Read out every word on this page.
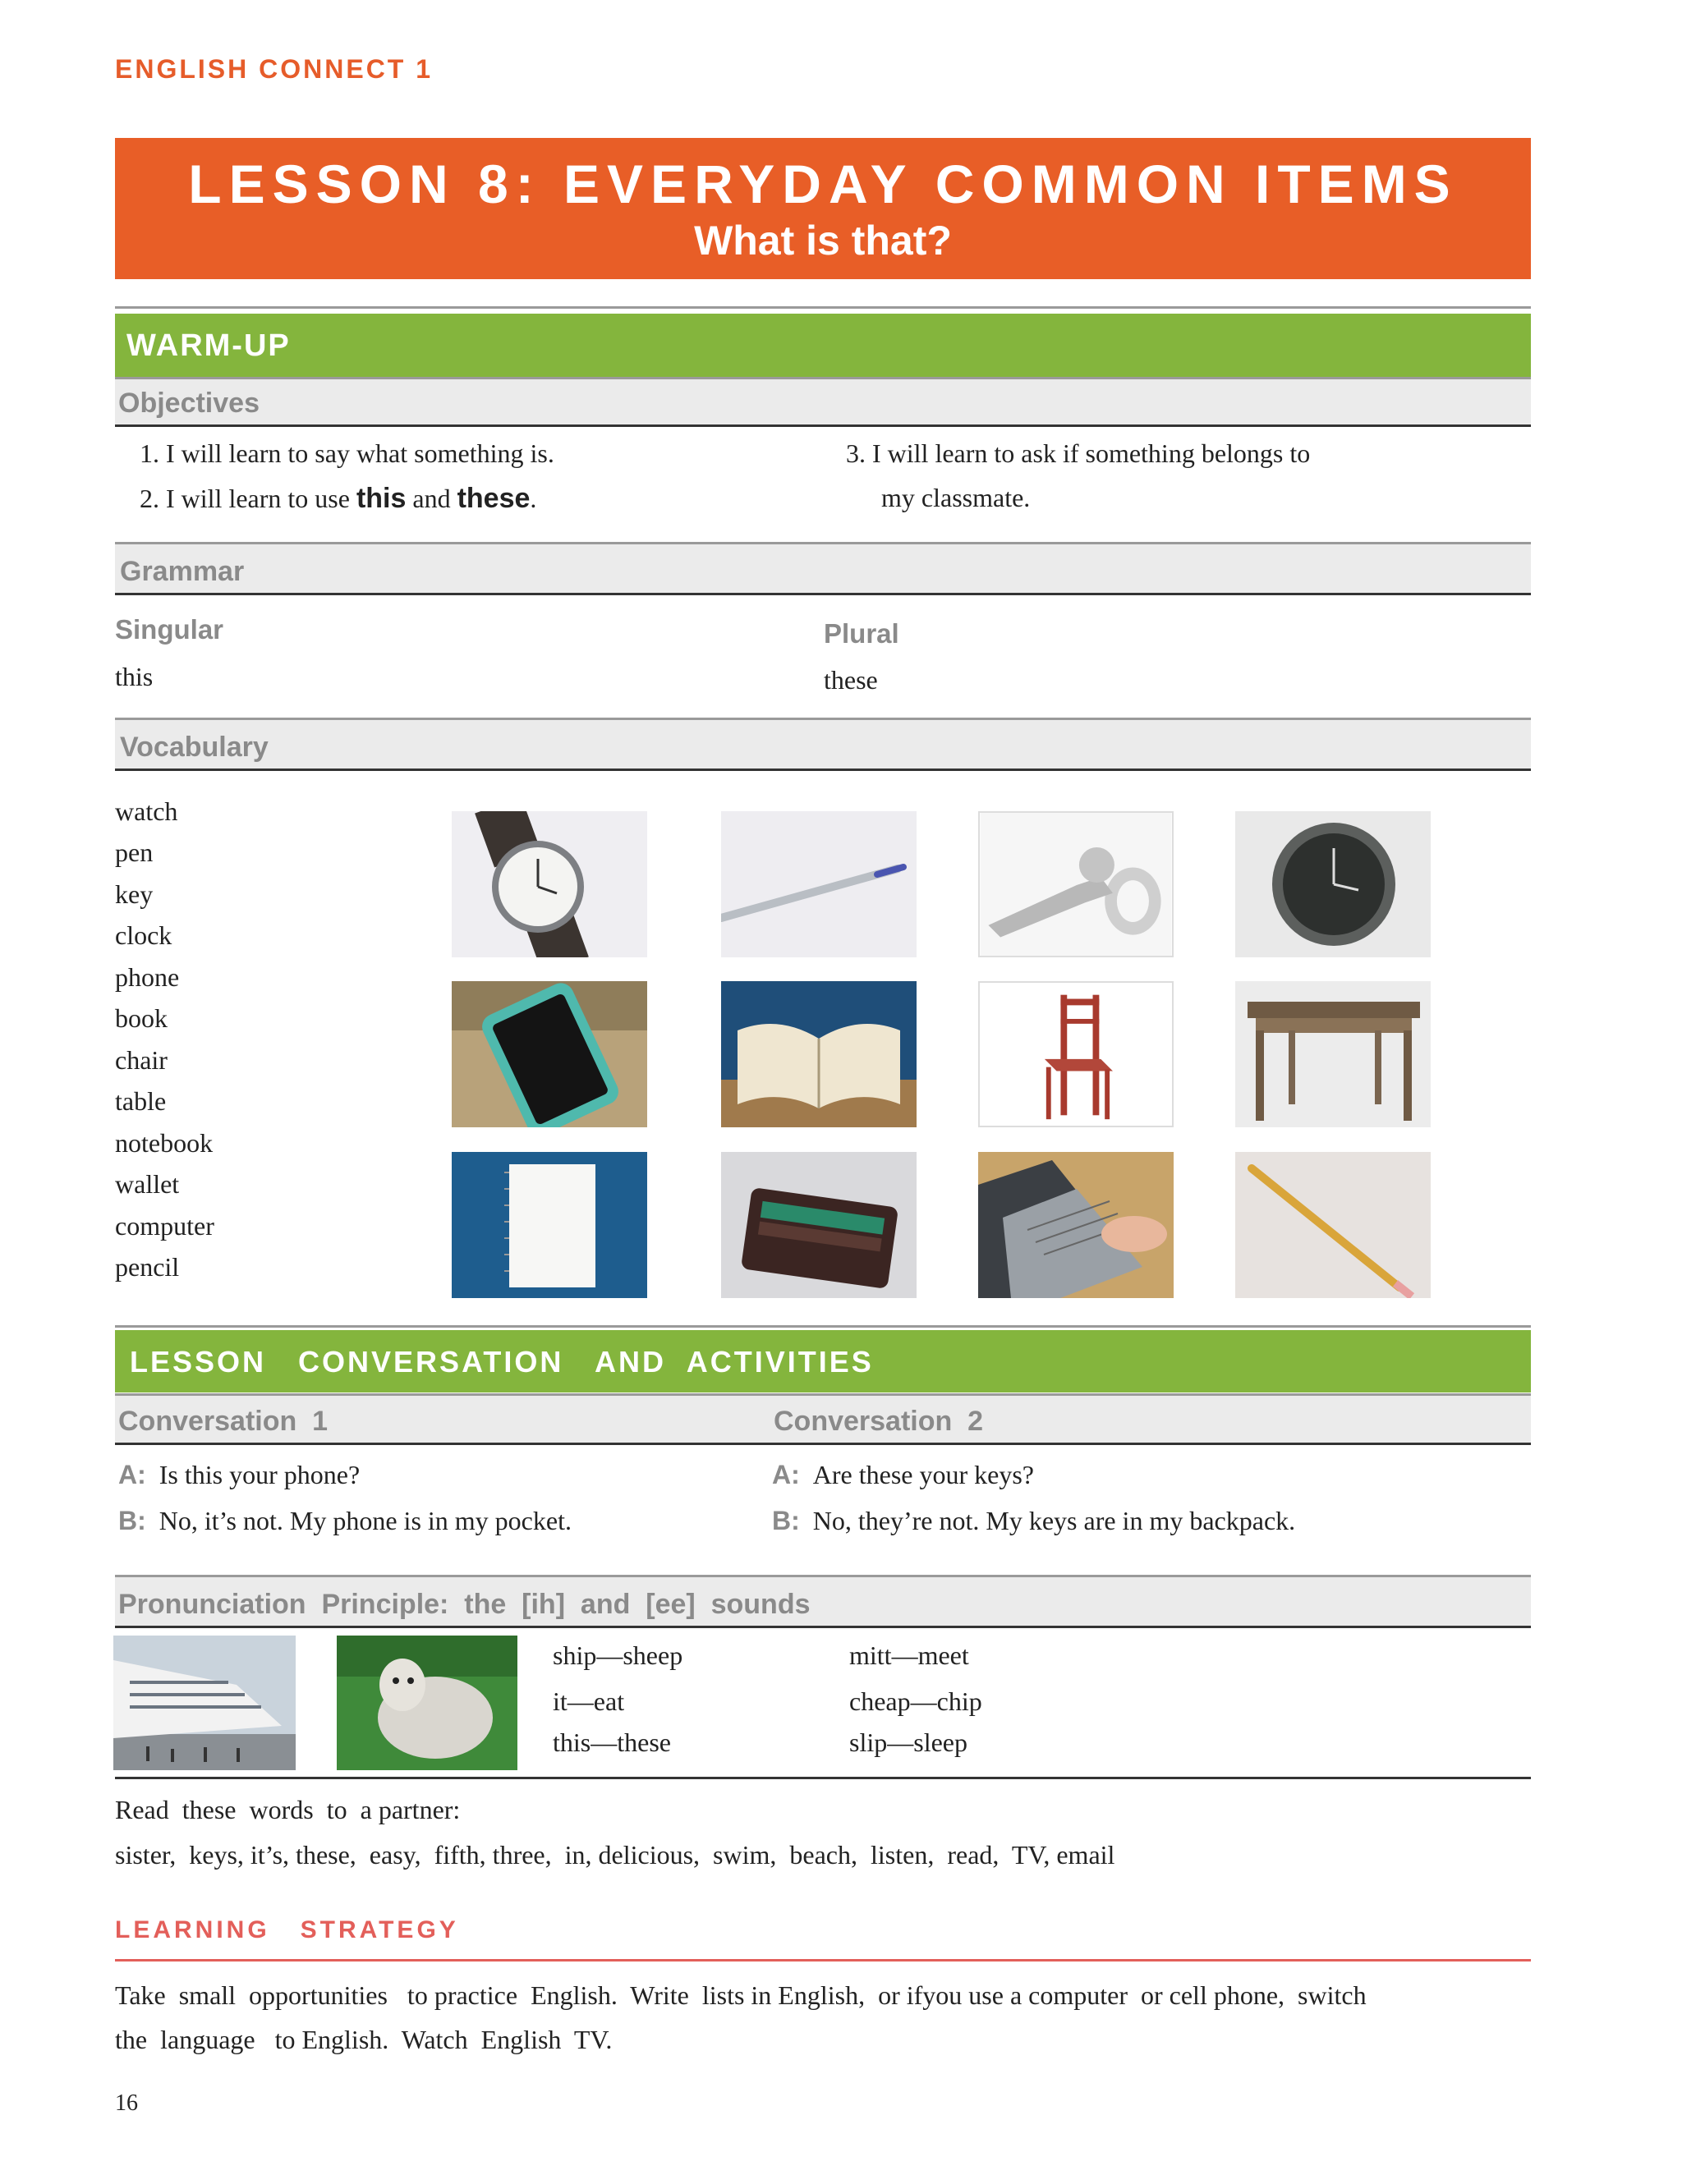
ENGLISH CONNECT 1
LESSON 8: EVERYDAY COMMON ITEMS
What is that?
WARM-UP
Objectives
1. I will learn to say what something is.
2. I will learn to use this and these.
3. I will learn to ask if something belongs to
my classmate.
Grammar
Singular
this
Plural
these
Vocabulary
watch
pen
key
clock
phone
book
chair
table
notebook
wallet
computer
pencil
LESSON   CONVERSATION   AND  ACTIVITIES
Conversation  1	Conversation  2
A: Is this your phone?
B: No, it’s not. My phone is in my pocket.
A: Are these your keys?
B: No, they’re not. My keys are in my backpack.
Pronunciation  Principle:  the  [ih]  and  [ee]  sounds
ship—sheep
it—eat
this—these
mitt—meet
cheap—chip
slip—sleep
Read  these  words  to  a partner:
sister,  keys, it’s, these,  easy,  fifth, three,  in, delicious,  swim,  beach,  listen,  read,  TV, email
LEARNING   STRATEGY
Take  small  opportunities   to practice  English.  Write  lists in English,  or ifyou use a computer  or cell phone,  switch
the  language   to English.  Watch  English  TV.
16
